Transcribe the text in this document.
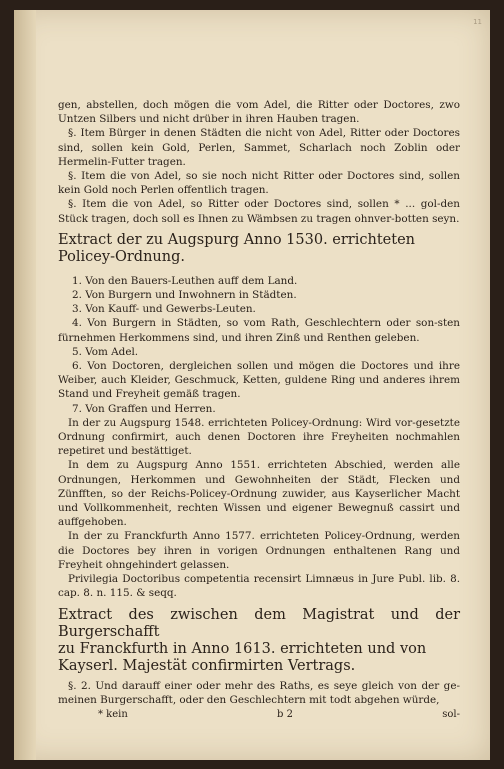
11

gen, abstellen, doch mögen die vom Adel, die Ritter oder Doctores, zwo Untzen Silbers und nicht drüber in ihren Hauben tragen.

§. Item Bürger in denen Städten die nicht von Adel, Ritter oder Doctores sind, sollen kein Gold, Perlen, Sammet, Scharlach noch Zoblin oder Hermelin-Futter tragen.

§. Item die von Adel, so sie noch nicht Ritter oder Doctores sind, sollen kein Gold noch Perlen offentlich tragen.

§. Item die von Adel, so Ritter oder Doctores sind, sollen * ... gol-den Stück tragen, doch soll es Ihnen zu Wämbsen zu tragen ohnver-botten seyn.

Extract der zu Augspurg Anno 1530. errichteten

Policey-Ordnung.

1. Von den Bauers-Leuthen auff dem Land.

2. Von Burgern und Inwohnern in Städten.

3. Von Kauff- und Gewerbs-Leuten.

4. Von Burgern in Städten, so vom Rath, Geschlechtern oder son-sten fürnehmen Herkommens sind, und ihren Zinß und Renthen geleben.

5. Vom Adel.

6. Von Doctoren, dergleichen sollen und mögen die Doctores und ihre Weiber, auch Kleider, Geschmuck, Ketten, guldene Ring und anderes ihrem Stand und Freyheit gemäß tragen.

7. Von Graffen und Herren.

In der zu Augspurg 1548. errichteten Policey-Ordnung: Wird vor-gesetzte Ordnung confirmirt, auch denen Doctoren ihre Freyheiten nochmahlen repetiret und bestättiget.

In dem zu Augspurg Anno 1551. errichteten Abschied, werden alle Ordnungen, Herkommen und Gewohnheiten der Städt, Flecken und Zünfften, so der Reichs-Policey-Ordnung zuwider, aus Kayserlicher Macht und Vollkommenheit, rechten Wissen und eigener Bewegnuß cassirt und auffgehoben.

In der zu Franckfurth Anno 1577. errichteten Policey-Ordnung, werden die Doctores bey ihren in vorigen Ordnungen enthaltenen Rang und Freyheit ohngehindert gelassen.

Privilegia Doctoribus competentia recensirt Limnæus in Jure Publ. lib. 8. cap. 8. n. 115. & seqq.

Extract des zwischen dem Magistrat und der Burgerschafft

zu Franckfurth in Anno 1613. errichteten und von

Kayserl. Majestät confirmirten Vertrags.

§. 2. Und darauff einer oder mehr des Raths, es seye gleich von der ge-meinen Burgerschafft, oder den Geschlechtern mit todt abgehen würde,

* kein	b 2	sol-
